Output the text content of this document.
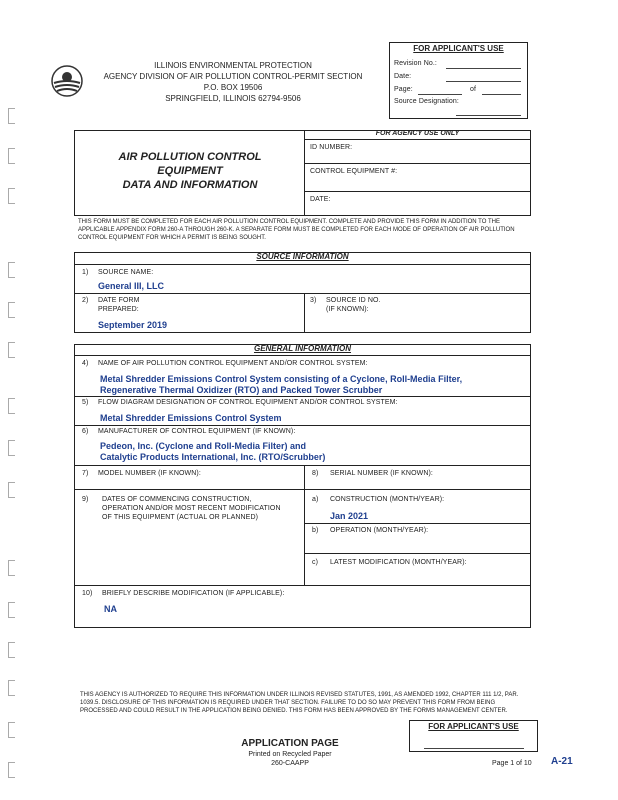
ILLINOIS ENVIRONMENTAL PROTECTION
AGENCY DIVISION OF AIR POLLUTION CONTROL-PERMIT SECTION
P.O. BOX 19506
SPRINGFIELD, ILLINOIS 62794-9506
FOR APPLICANT'S USE
Revision No.:
Date:
Page:	of
Source Designation:
AIR POLLUTION CONTROL
EQUIPMENT
DATA AND INFORMATION
FOR AGENCY USE ONLY
ID NUMBER:
CONTROL EQUIPMENT #:
DATE:
THIS FORM MUST BE COMPLETED FOR EACH AIR POLLUTION CONTROL EQUIPMENT. COMPLETE AND PROVIDE THIS FORM IN ADDITION TO THE APPLICABLE APPENDIX FORM 260-A THROUGH 260-K. A SEPARATE FORM MUST BE COMPLETED FOR EACH MODE OF OPERATION OF AIR POLLUTION CONTROL EQUIPMENT FOR WHICH A PERMIT IS BEING SOUGHT.
SOURCE INFORMATION
1) SOURCE NAME:
General III, LLC
2) DATE FORM
PREPARED:
September 2019
3) SOURCE ID NO.
(IF KNOWN):
GENERAL INFORMATION
4) NAME OF AIR POLLUTION CONTROL EQUIPMENT AND/OR CONTROL SYSTEM:
Metal Shredder Emissions Control System consisting of a Cyclone, Roll-Media Filter,
Regenerative Thermal Oxidizer (RTO) and Packed Tower Scrubber
5) FLOW DIAGRAM DESIGNATION OF CONTROL EQUIPMENT AND/OR CONTROL SYSTEM:
Metal Shredder Emissions Control System
6) MANUFACTURER OF CONTROL EQUIPMENT (IF KNOWN):
Pedeon, Inc. (Cyclone and Roll-Media Filter) and
Catalytic Products International, Inc. (RTO/Scrubber)
7) MODEL NUMBER (IF KNOWN):	8) SERIAL NUMBER (IF KNOWN):
9) DATES OF COMMENCING CONSTRUCTION,
OPERATION AND/OR MOST RECENT MODIFICATION
OF THIS EQUIPMENT (ACTUAL OR PLANNED)
a) CONSTRUCTION (MONTH/YEAR):
Jan 2021
b) OPERATION (MONTH/YEAR):
c) LATEST MODIFICATION (MONTH/YEAR):
10) BRIEFLY DESCRIBE MODIFICATION (IF APPLICABLE):
NA
THIS AGENCY IS AUTHORIZED TO REQUIRE THIS INFORMATION UNDER ILLINOIS REVISED STATUTES, 1991, AS AMENDED 1992, CHAPTER 111 1/2, PAR. 1039.5. DISCLOSURE OF THIS INFORMATION IS REQUIRED UNDER THAT SECTION. FAILURE TO DO SO MAY PREVENT THIS FORM FROM BEING PROCESSED AND COULD RESULT IN THE APPLICATION BEING DENIED. THIS FORM HAS BEEN APPROVED BY THE FORMS MANAGEMENT CENTER.
FOR APPLICANT'S USE
APPLICATION PAGE
Printed on Recycled Paper
260-CAAPP	Page 1 of 10 A-21
